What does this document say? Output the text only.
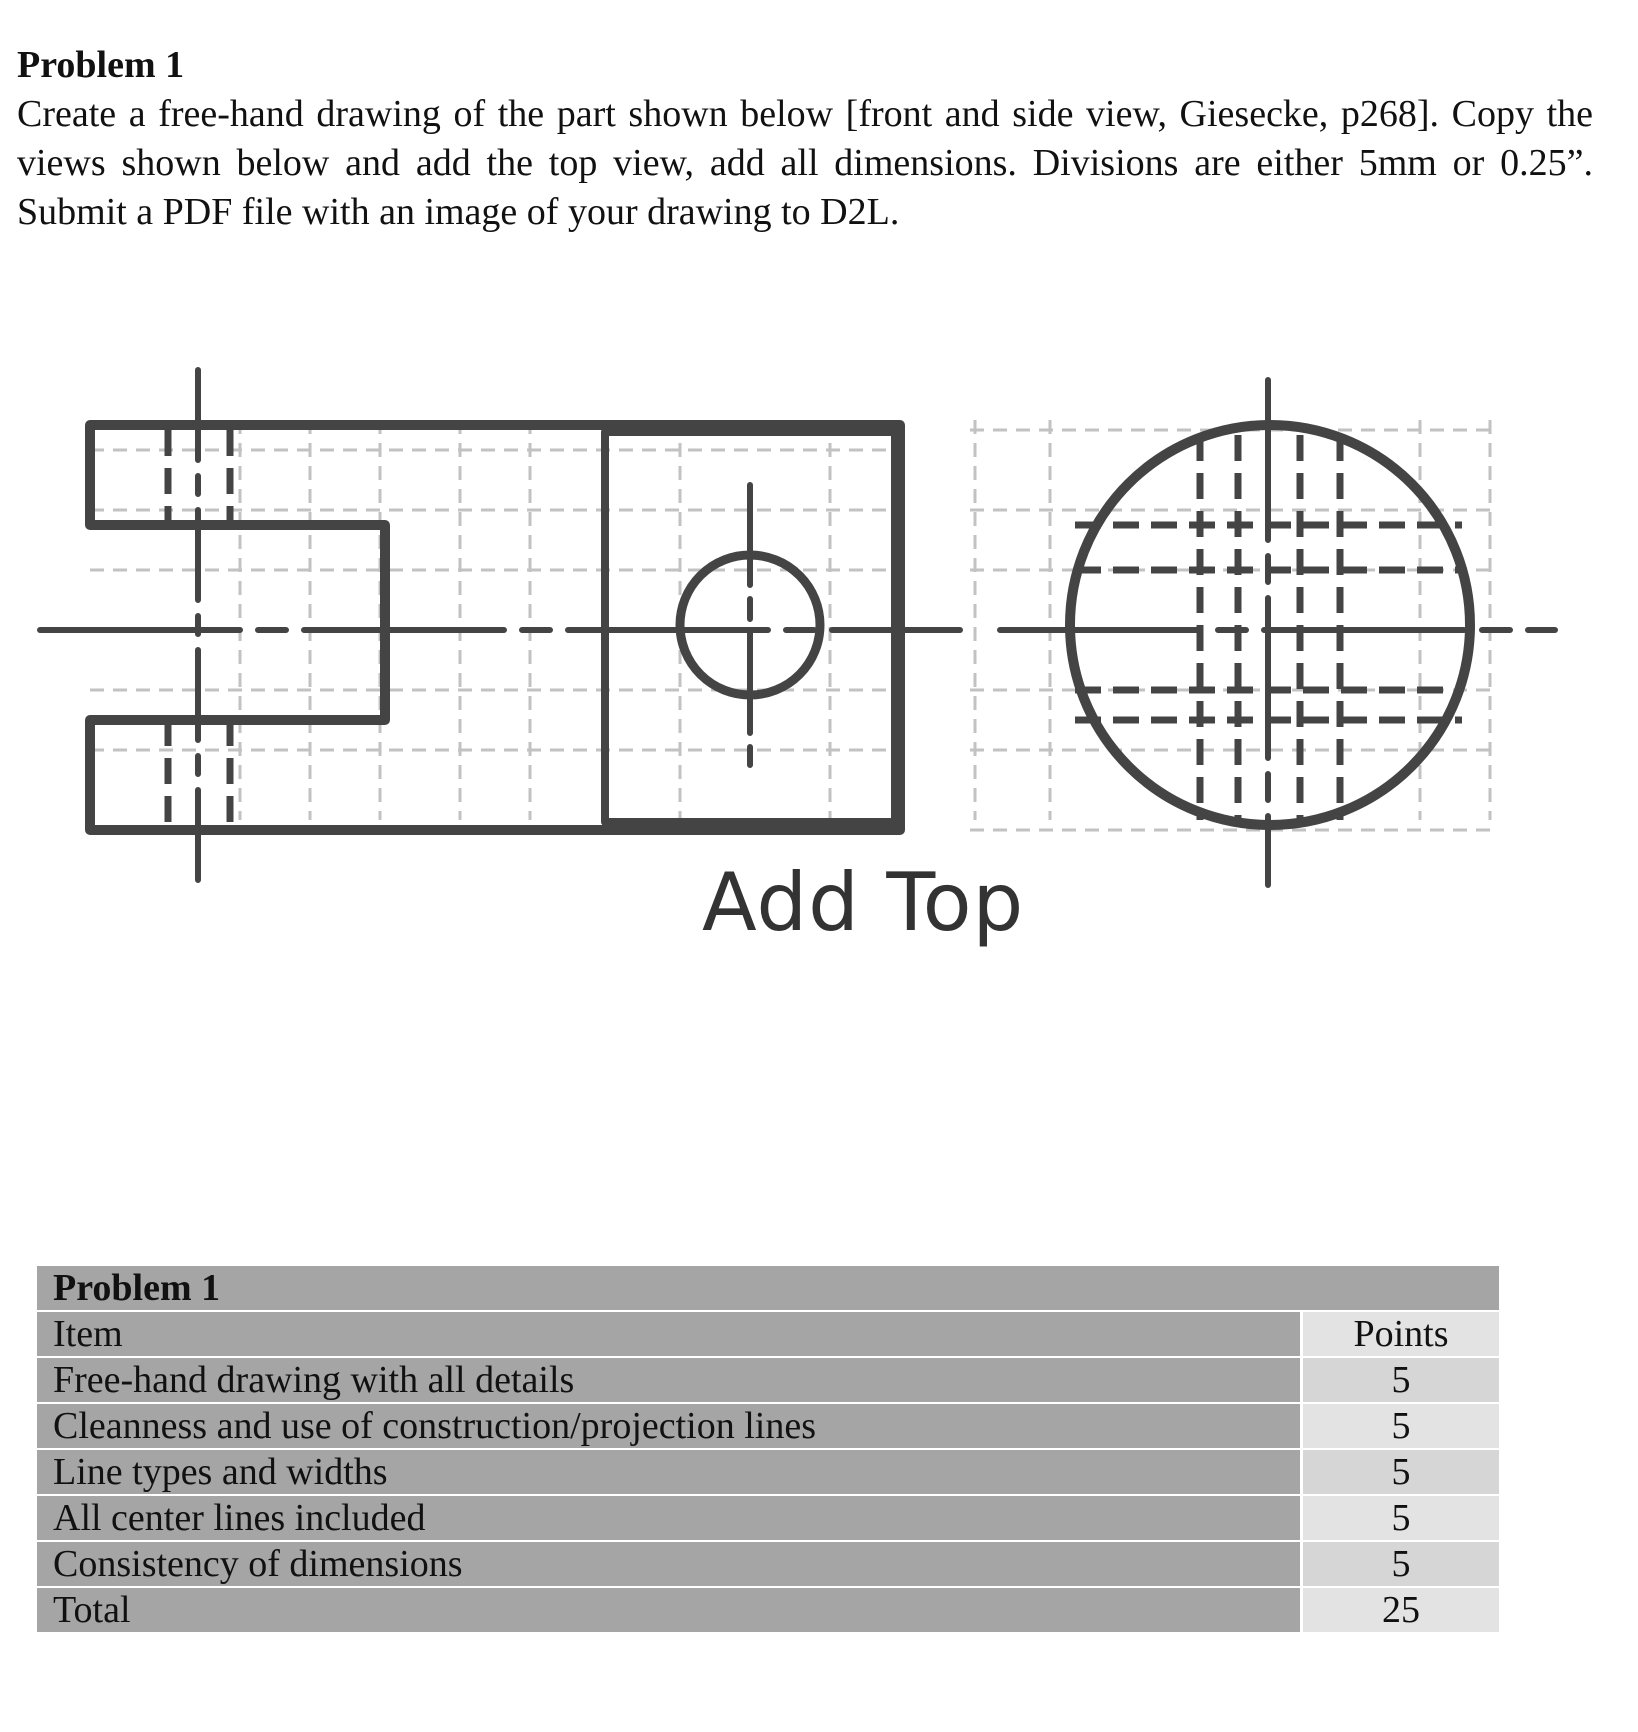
Problem 1

Create a free-hand drawing of the part shown below [front and side view, Giesecke, p268]. Copy the views shown below and add the top view, add all dimensions. Divisions are either 5mm or 0.25”. Submit a PDF file with an image of your drawing to D2L.

Add Top
Problem 1	
Item	Points
Free-hand drawing with all details	5
Cleanness and use of construction/projection lines	5
Line types and widths	5
All center lines included	5
Consistency of dimensions	5
Total	25
